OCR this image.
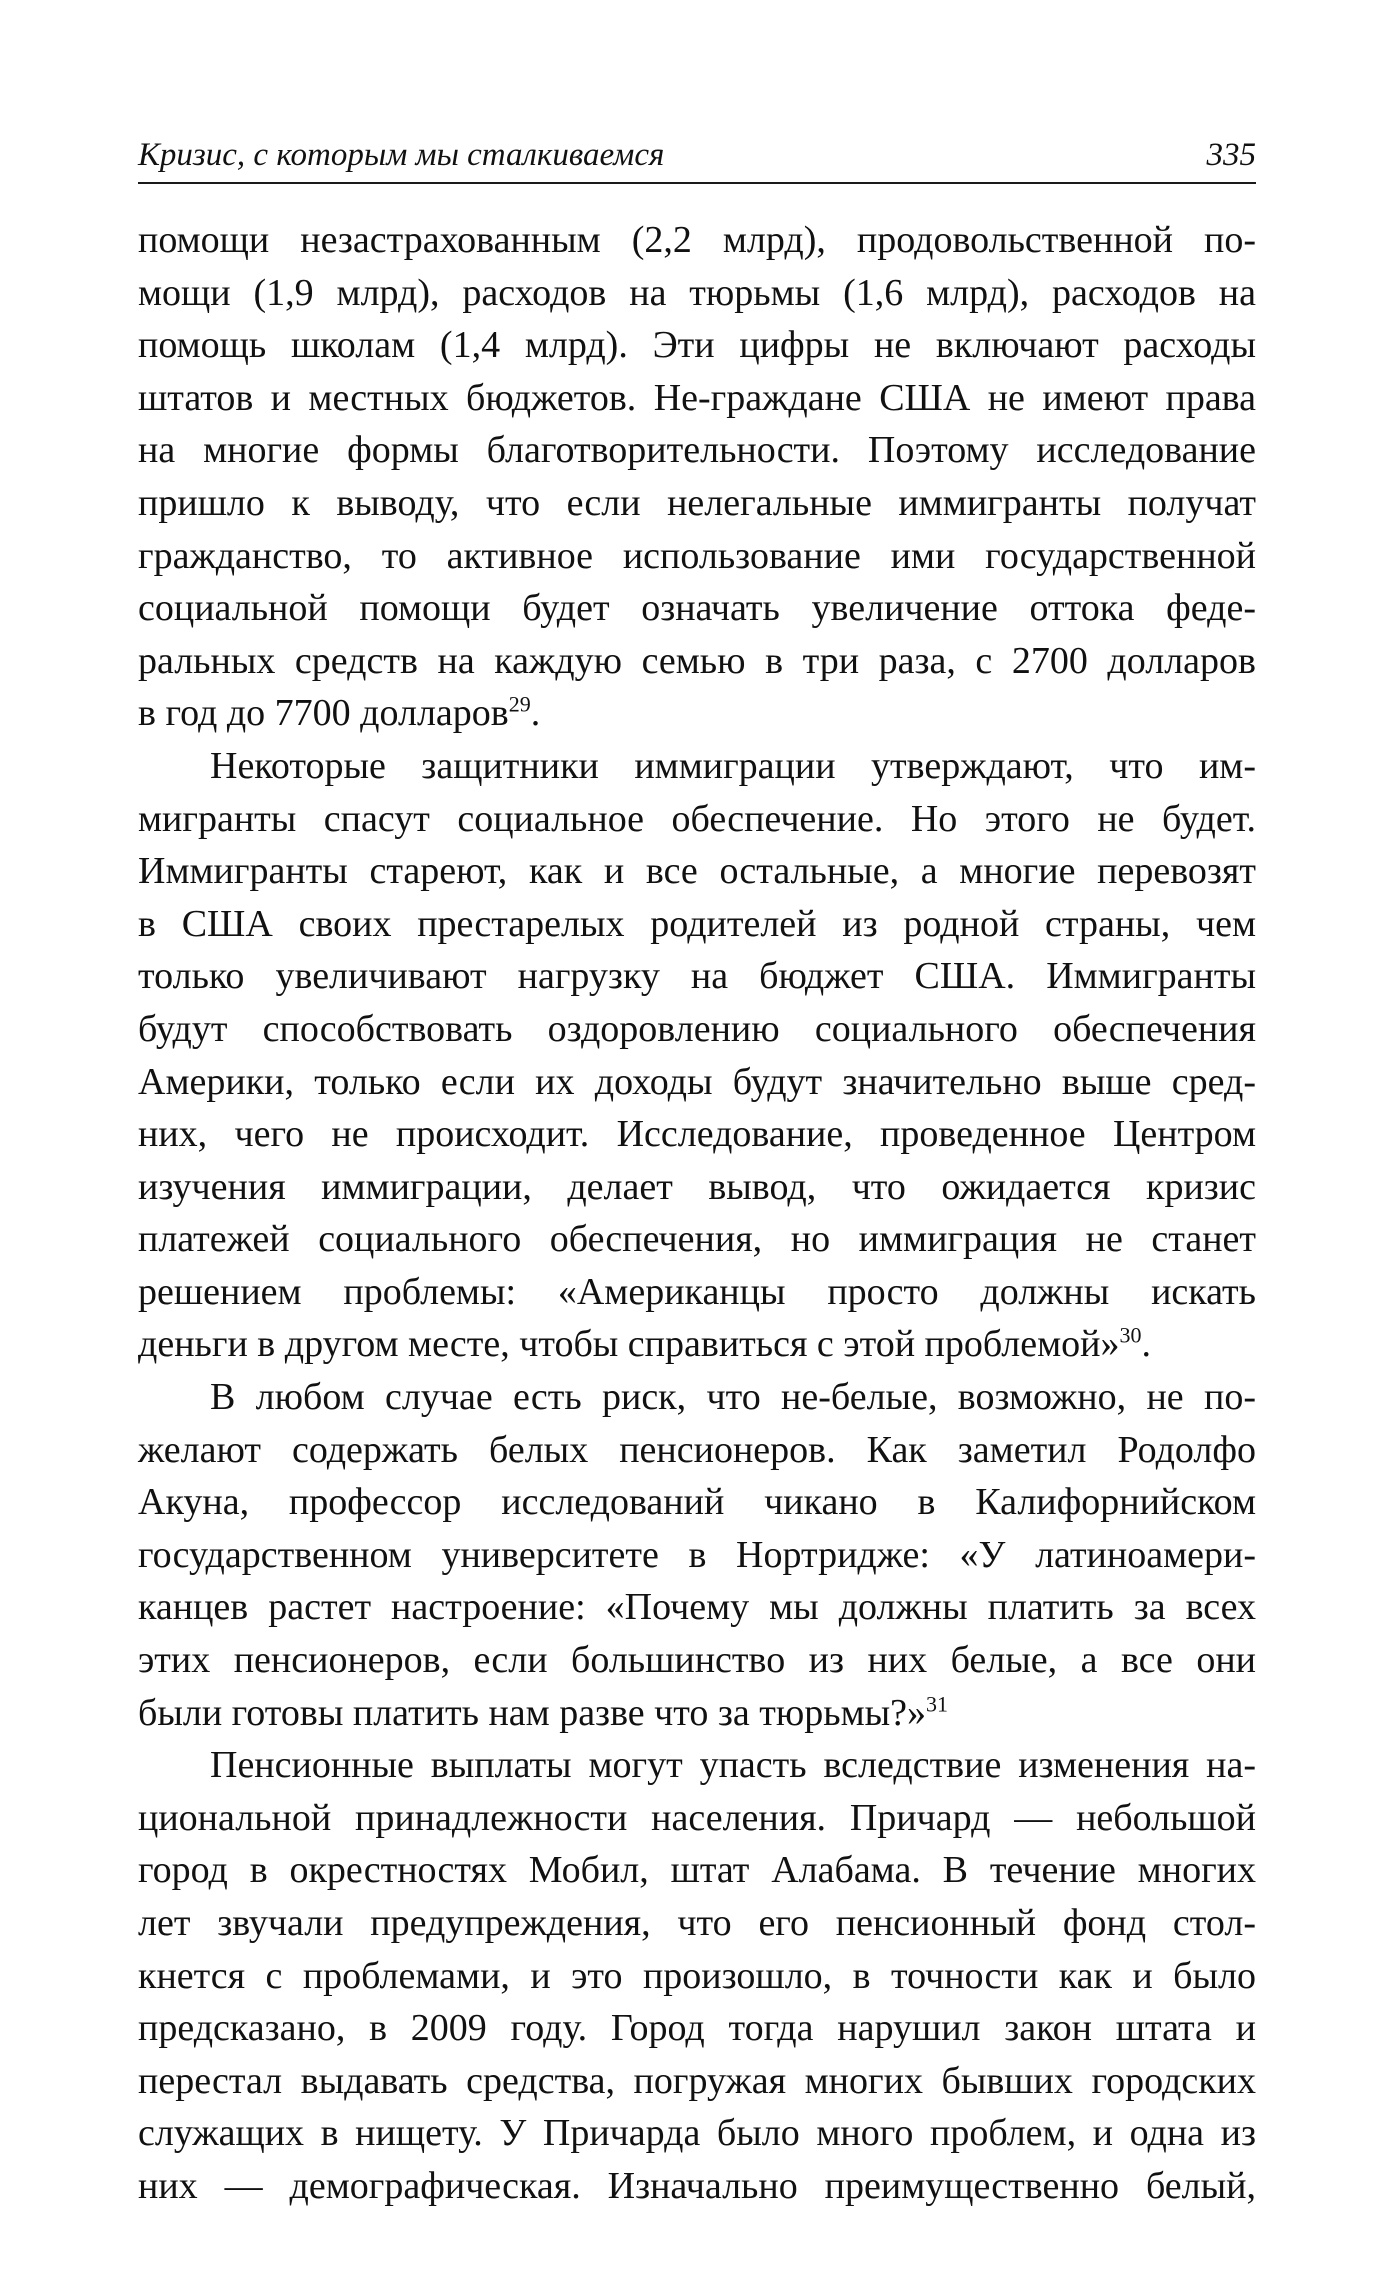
Кризис, с которым мы сталкиваемся	335
помощи незастрахованным (2,2 млрд), продовольственной по-
мощи (1,9 млрд), расходов на тюрьмы (1,6 млрд), расходов на
помощь школам (1,4 млрд). Эти цифры не включают расходы
штатов и местных бюджетов. Не-граждане США не имеют права
на многие формы благотворительности. Поэтому исследование
пришло к выводу, что если нелегальные иммигранты получат
гражданство, то активное использование ими государственной
социальной помощи будет означать увеличение оттока феде-
ральных средств на каждую семью в три раза, с 2700 долларов
в год до 7700 долларов$^{29}$.
Некоторые защитники иммиграции утверждают, что им-
мигранты спасут социальное обеспечение. Но этого не будет.
Иммигранты стареют, как и все остальные, а многие перевозят
в США своих престарелых родителей из родной страны, чем
только увеличивают нагрузку на бюджет США. Иммигранты
будут способствовать оздоровлению социального обеспечения
Америки, только если их доходы будут значительно выше сред-
них, чего не происходит. Исследование, проведенное Центром
изучения иммиграции, делает вывод, что ожидается кризис
платежей социального обеспечения, но иммиграция не станет
решением проблемы: «Американцы просто должны искать
деньги в другом месте, чтобы справиться с этой проблемой»$^{30}$.
В любом случае есть риск, что не-белые, возможно, не по-
желают содержать белых пенсионеров. Как заметил Родолфо
Акуна, профессор исследований чикано в Калифорнийском
государственном университете в Нортридже: «У латиноамери-
канцев растет настроение: «Почему мы должны платить за всех
этих пенсионеров, если большинство из них белые, а все они
были готовы платить нам разве что за тюрьмы?»$^{31}$
Пенсионные выплаты могут упасть вследствие изменения на-
циональной принадлежности населения. Причард — небольшой
город в окрестностях Мобил, штат Алабама. В течение многих
лет звучали предупреждения, что его пенсионный фонд стол-
кнется с проблемами, и это произошло, в точности как и было
предсказано, в 2009 году. Город тогда нарушил закон штата и
перестал выдавать средства, погружая многих бывших городских
служащих в нищету. У Причарда было много проблем, и одна из
них — демографическая. Изначально преимущественно белый,
